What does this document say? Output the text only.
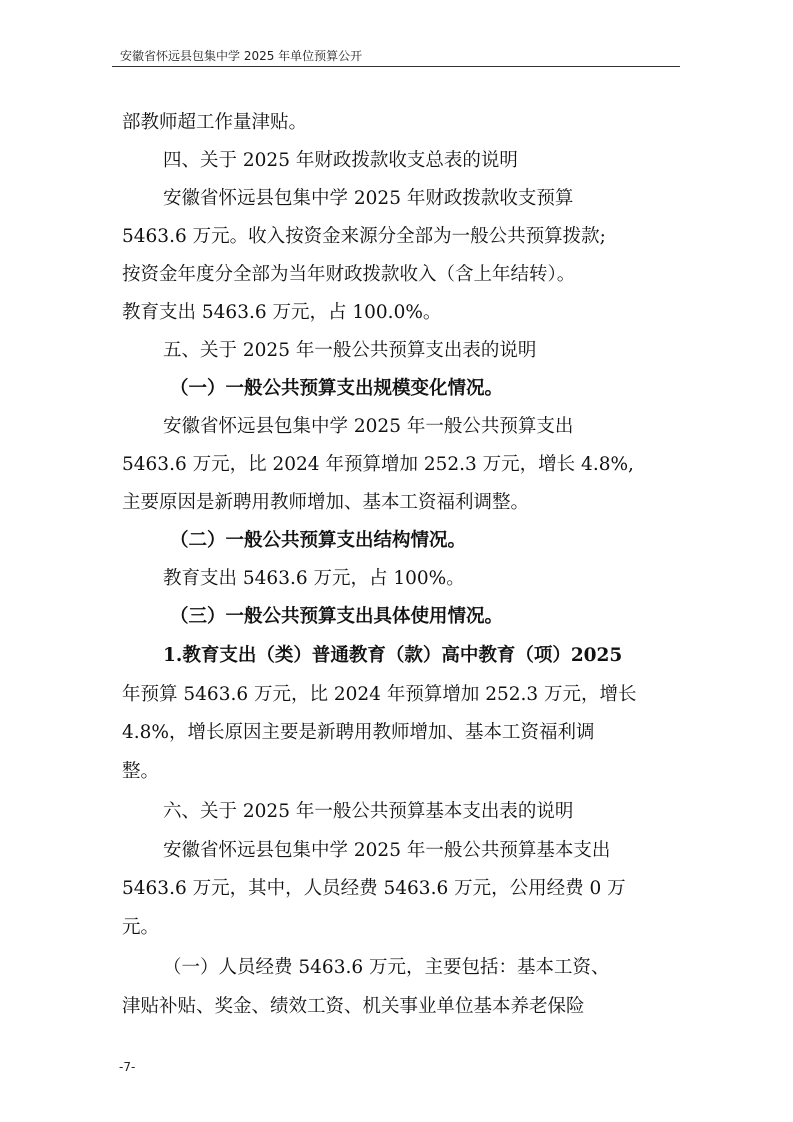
安徽省怀远县包集中学 2025 年单位预算公开
部教师超工作量津贴。
四、关于 2025 年财政拨款收支总表的说明
安徽省怀远县包集中学 2025 年财政拨款收支预算
5463.6 万元。收入按资金来源分全部为一般公共预算拨款;
按资金年度分全部为当年财政拨款收入（含上年结转）。
教育支出 5463.6 万元，占 100.0%。
五、关于 2025 年一般公共预算支出表的说明
（一）一般公共预算支出规模变化情况。
安徽省怀远县包集中学 2025 年一般公共预算支出
5463.6 万元，比 2024 年预算增加 252.3 万元，增长 4.8%,
主要原因是新聘用教师增加、基本工资福利调整。
（二）一般公共预算支出结构情况。
教育支出 5463.6 万元，占 100%。
（三）一般公共预算支出具体使用情况。
1.教育支出（类）普通教育（款）高中教育（项）2025
年预算 5463.6 万元，比 2024 年预算增加 252.3 万元，增长
4.8%，增长原因主要是新聘用教师增加、基本工资福利调
整。
六、关于 2025 年一般公共预算基本支出表的说明
安徽省怀远县包集中学 2025 年一般公共预算基本支出
5463.6 万元，其中，人员经费 5463.6 万元，公用经费 0 万
元。
（一）人员经费 5463.6 万元，主要包括：基本工资、
津贴补贴、奖金、绩效工资、机关事业单位基本养老保险
-7-
